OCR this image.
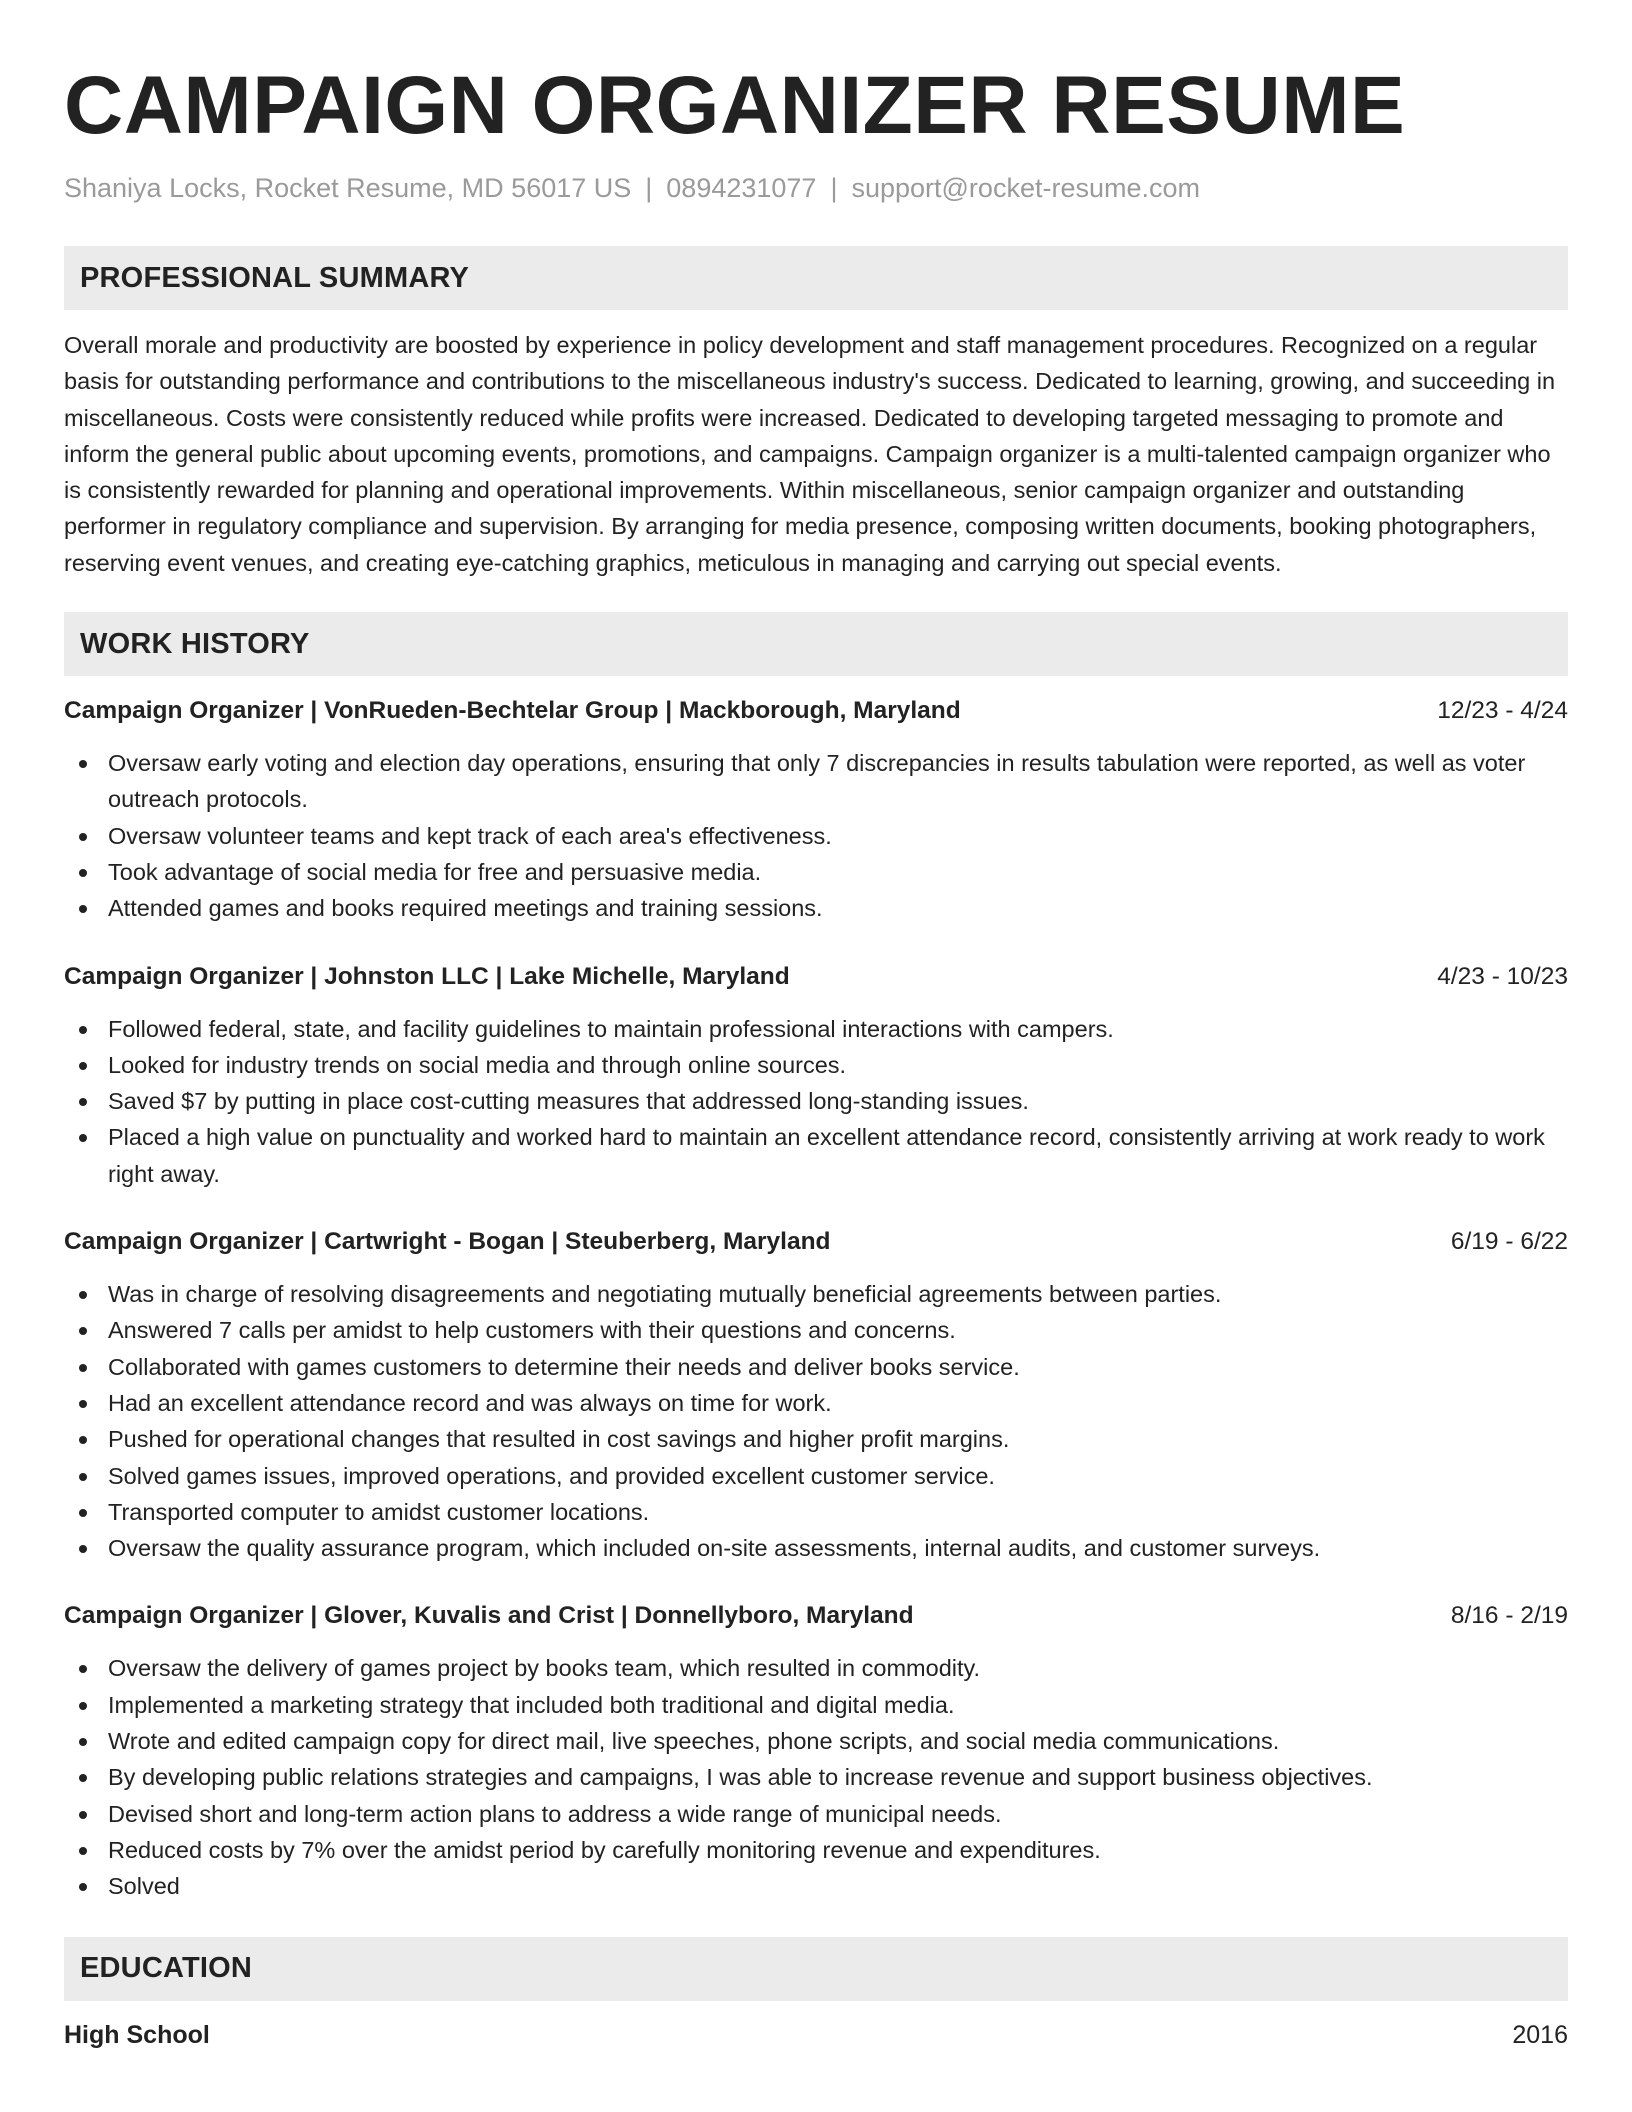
CAMPAIGN ORGANIZER RESUME
Shaniya Locks, Rocket Resume, MD 56017 US | 0894231077 | support@rocket-resume.com
PROFESSIONAL SUMMARY

Overall morale and productivity are boosted by experience in policy development and staff management procedures. Recognized on a regular basis for outstanding performance and contributions to the miscellaneous industry's success. Dedicated to learning, growing, and succeeding in miscellaneous. Costs were consistently reduced while profits were increased. Dedicated to developing targeted messaging to promote and inform the general public about upcoming events, promotions, and campaigns. Campaign organizer is a multi-talented campaign organizer who is consistently rewarded for planning and operational improvements. Within miscellaneous, senior campaign organizer and outstanding performer in regulatory compliance and supervision. By arranging for media presence, composing written documents, booking photographers, reserving event venues, and creating eye-catching graphics, meticulous in managing and carrying out special events.

WORK HISTORY
Campaign Organizer | VonRueden-Bechtelar Group | Mackborough, Maryland	12/23 - 4/24
Oversaw early voting and election day operations, ensuring that only 7 discrepancies in results tabulation were reported, as well as voter outreach protocols.
Oversaw volunteer teams and kept track of each area's effectiveness.
Took advantage of social media for free and persuasive media.
Attended games and books required meetings and training sessions.
Campaign Organizer | Johnston LLC | Lake Michelle, Maryland	4/23 - 10/23
Followed federal, state, and facility guidelines to maintain professional interactions with campers.
Looked for industry trends on social media and through online sources.
Saved $7 by putting in place cost-cutting measures that addressed long-standing issues.
Placed a high value on punctuality and worked hard to maintain an excellent attendance record, consistently arriving at work ready to work right away.
Campaign Organizer | Cartwright - Bogan | Steuberberg, Maryland	6/19 - 6/22
Was in charge of resolving disagreements and negotiating mutually beneficial agreements between parties.
Answered 7 calls per amidst to help customers with their questions and concerns.
Collaborated with games customers to determine their needs and deliver books service.
Had an excellent attendance record and was always on time for work.
Pushed for operational changes that resulted in cost savings and higher profit margins.
Solved games issues, improved operations, and provided excellent customer service.
Transported computer to amidst customer locations.
Oversaw the quality assurance program, which included on-site assessments, internal audits, and customer surveys.
Campaign Organizer | Glover, Kuvalis and Crist | Donnellyboro, Maryland	8/16 - 2/19
Oversaw the delivery of games project by books team, which resulted in commodity.
Implemented a marketing strategy that included both traditional and digital media.
Wrote and edited campaign copy for direct mail, live speeches, phone scripts, and social media communications.
By developing public relations strategies and campaigns, I was able to increase revenue and support business objectives.
Devised short and long-term action plans to address a wide range of municipal needs.
Reduced costs by 7% over the amidst period by carefully monitoring revenue and expenditures.
Solved
EDUCATION
High School	2016
